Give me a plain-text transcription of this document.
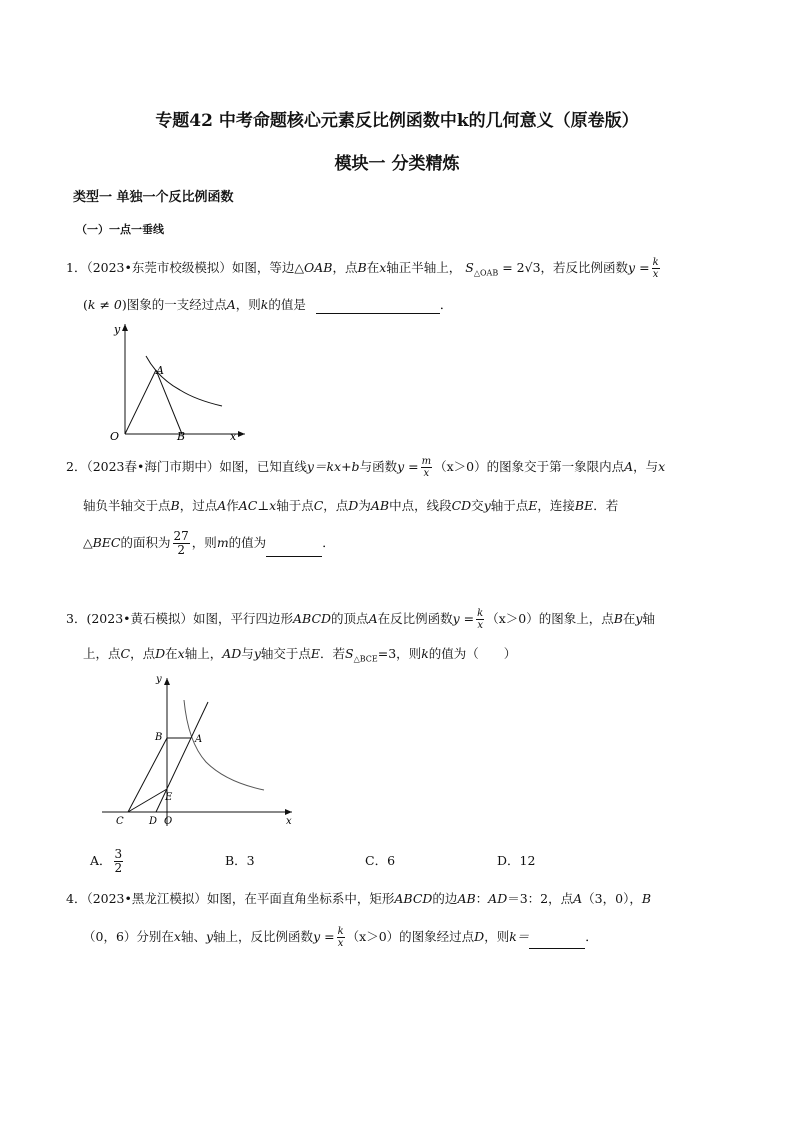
专题42 中考命题核心元素反比例函数中k的几何意义（原卷版）
模块一 分类精炼
类型一 单独一个反比例函数
（一）一点一垂线
1．（2023•东莞市校级模拟）如图，等边△OAB，点B在x轴正半轴上， $S_{\triangle OAB} = 2√3$，若反比例函数$y = \frac{k}{x}$
(k ≠ 0)图象的一支经过点A，则k的值是	．
y
A
O	B	x
2．（2023春•海门市期中）如图，已知直线y＝kx+b与函数$y = \frac{m}{x} (x>0)$的图象交于第一象限内点A，与x
轴负半轴交于点B，过点A作AC⊥x轴于点C，点D为AB中点，线段CD交y轴于点E，连接BE．若
△BEC的面积为 $\frac{27}{2}$ ，则m的值为	．
3．(2023•黄石模拟）如图，平行四边形ABCD的顶点A在反比例函数$y = \frac{k}{x} (x>0)$的图象上，点B在y轴
上，点C，点D在x轴上，AD与y轴交于点E．若$S_{\triangle BCE}=3$，则k的值为（　　）
y
B	A
E
C	D O	x
A． $\frac{3}{2}$	B．3	C．6	D．12
4．（2023•黑龙江模拟）如图，在平面直角坐标系中，矩形ABCD的边AB：AD＝3：2，点A（3，0），B
（0，6）分别在x轴、y轴上，反比例函数$y = \frac{k}{x} (x>0)$的图象经过点D，则k＝	．
